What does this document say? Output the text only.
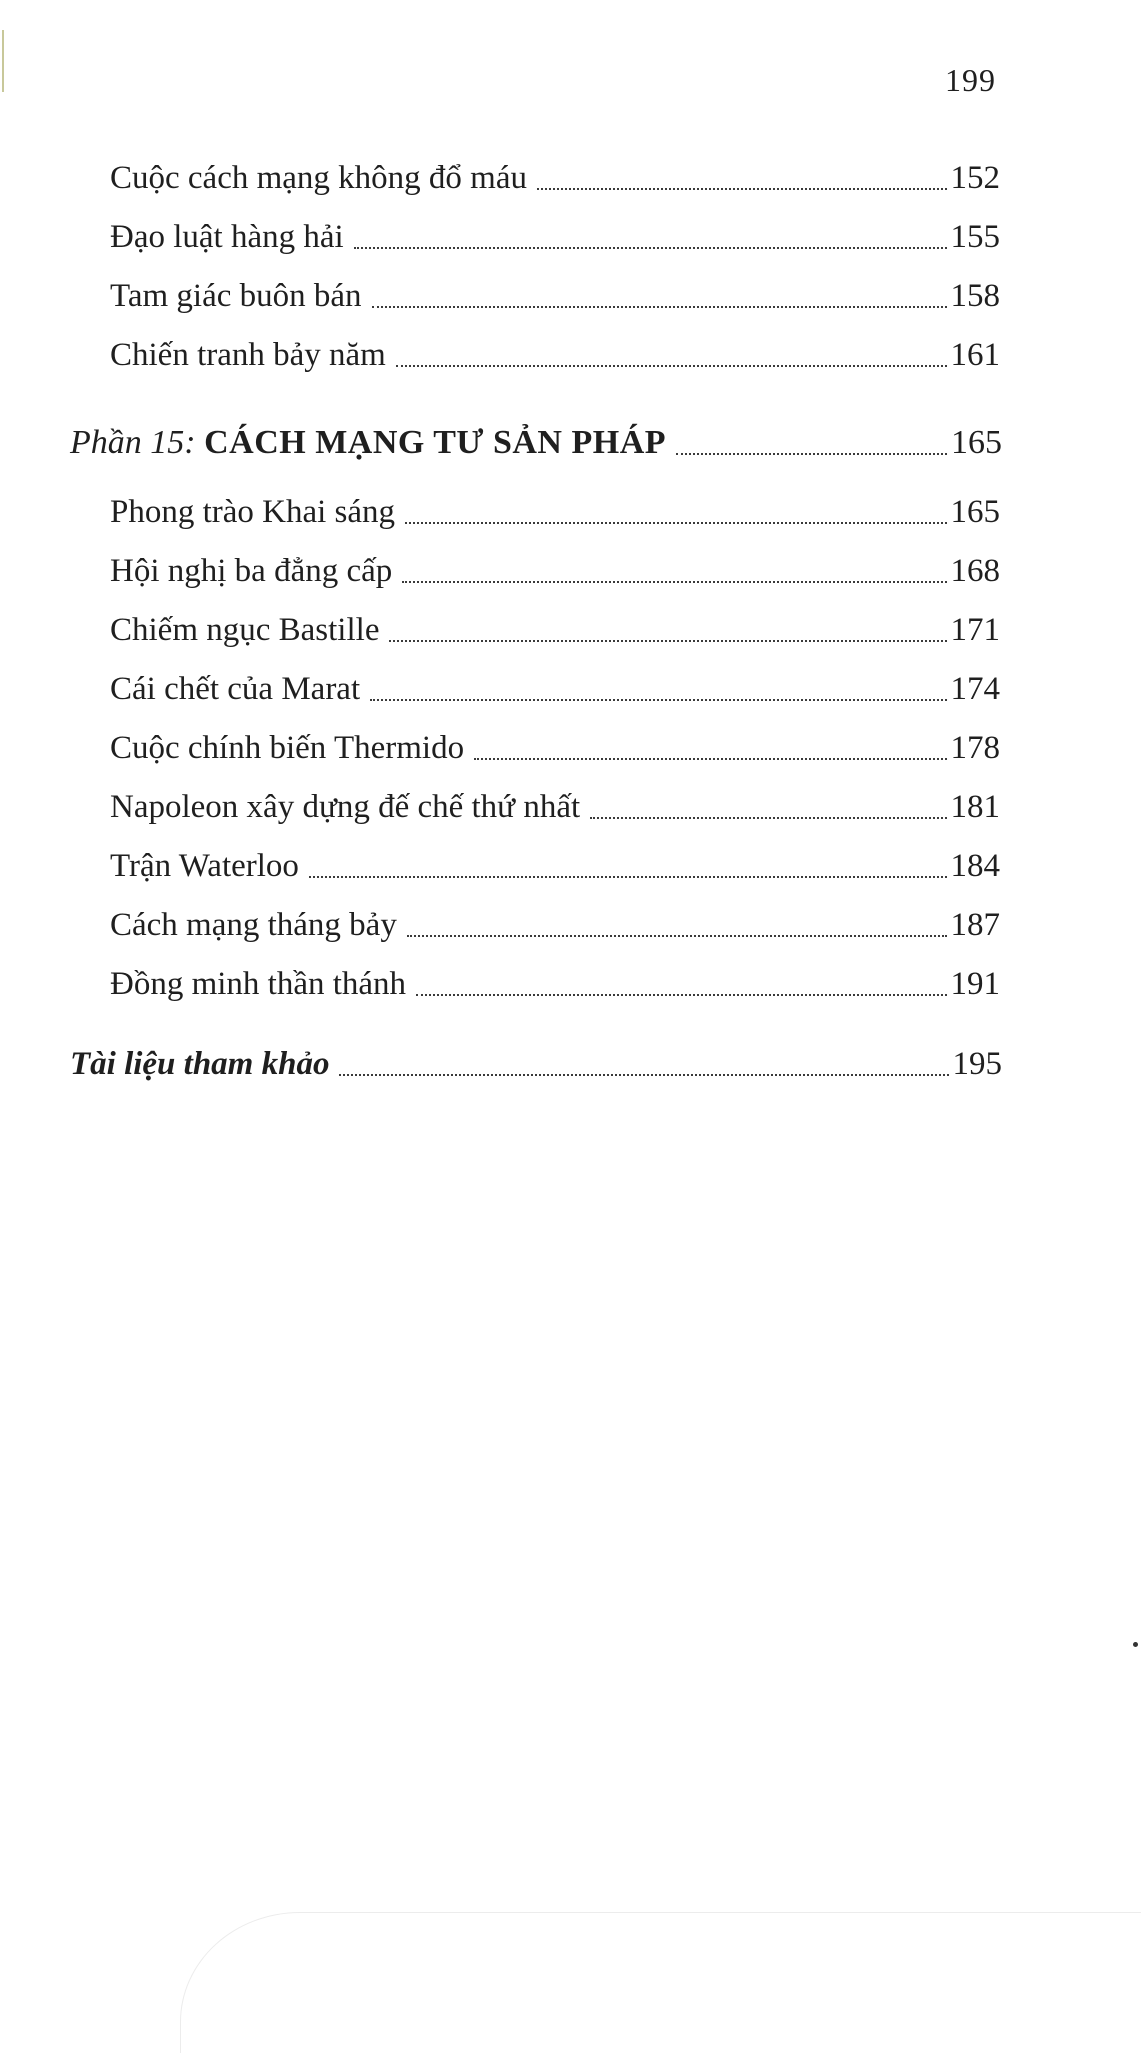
199
Cuộc cách mạng không đổ máu	152
Đạo luật hàng hải	155
Tam giác buôn bán	158
Chiến tranh bảy năm	161
Phần 15: CÁCH MẠNG TƯ SẢN PHÁP	165
Phong trào Khai sáng	165
Hội nghị ba đẳng cấp	168
Chiếm ngục Bastille	171
Cái chết của Marat	174
Cuộc chính biến Thermido	178
Napoleon xây dựng đế chế thứ nhất	181
Trận Waterloo	184
Cách mạng tháng bảy	187
Đồng minh thần thánh	191
Tài liệu tham khảo	195
